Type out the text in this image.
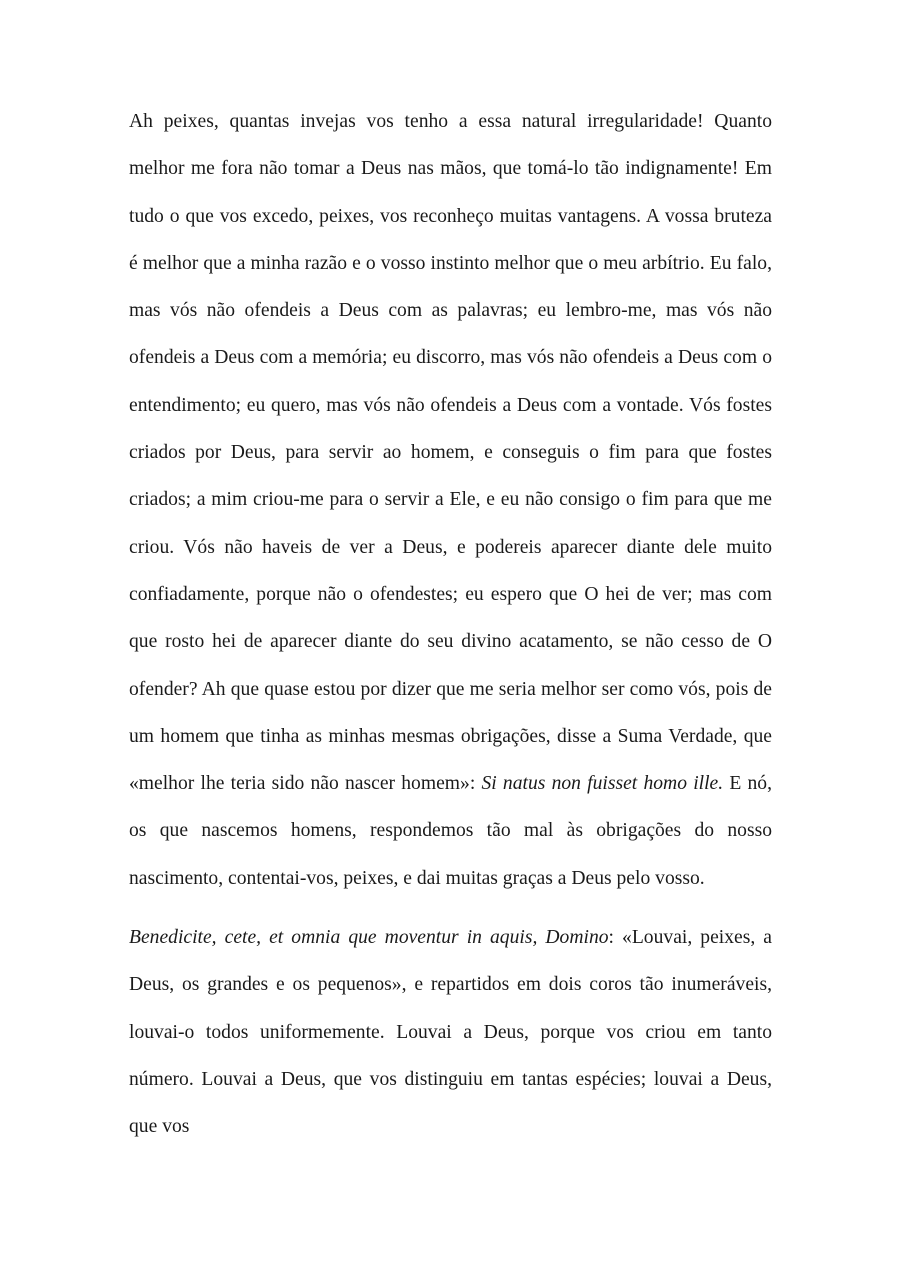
Ah peixes, quantas invejas vos tenho a essa natural irregularidade! Quanto melhor me fora não tomar a Deus nas mãos, que tomá-lo tão indignamente! Em tudo o que vos excedo, peixes, vos reconheço muitas vantagens. A vossa bruteza é melhor que a minha razão e o vosso instinto melhor que o meu arbítrio. Eu falo, mas vós não ofendeis a Deus com as palavras; eu lembro-me, mas vós não ofendeis a Deus com a memória; eu discorro, mas vós não ofendeis a Deus com o entendimento; eu quero, mas vós não ofendeis a Deus com a vontade. Vós fostes criados por Deus, para servir ao homem, e conseguis o fim para que fostes criados; a mim criou-me para o servir a Ele, e eu não consigo o fim para que me criou. Vós não haveis de ver a Deus, e podereis aparecer diante dele muito confiadamente, porque não o ofendestes; eu espero que O hei de ver; mas com que rosto hei de aparecer diante do seu divino acatamento, se não cesso de O ofender? Ah que quase estou por dizer que me seria melhor ser como vós, pois de um homem que tinha as minhas mesmas obrigações, disse a Suma Verdade, que «melhor lhe teria sido não nascer homem»: Si natus non fuisset homo ille. E nó, os que nascemos homens, respondemos tão mal às obrigações do nosso nascimento, contentai-vos, peixes, e dai muitas graças a Deus pelo vosso.

Benedicite, cete, et omnia que moventur in aquis, Domino: «Louvai, peixes, a Deus, os grandes e os pequenos», e repartidos em dois coros tão inumeráveis, louvai-o todos uniformemente. Louvai a Deus, porque vos criou em tanto número. Louvai a Deus, que vos distinguiu em tantas espécies; louvai a Deus, que vos
